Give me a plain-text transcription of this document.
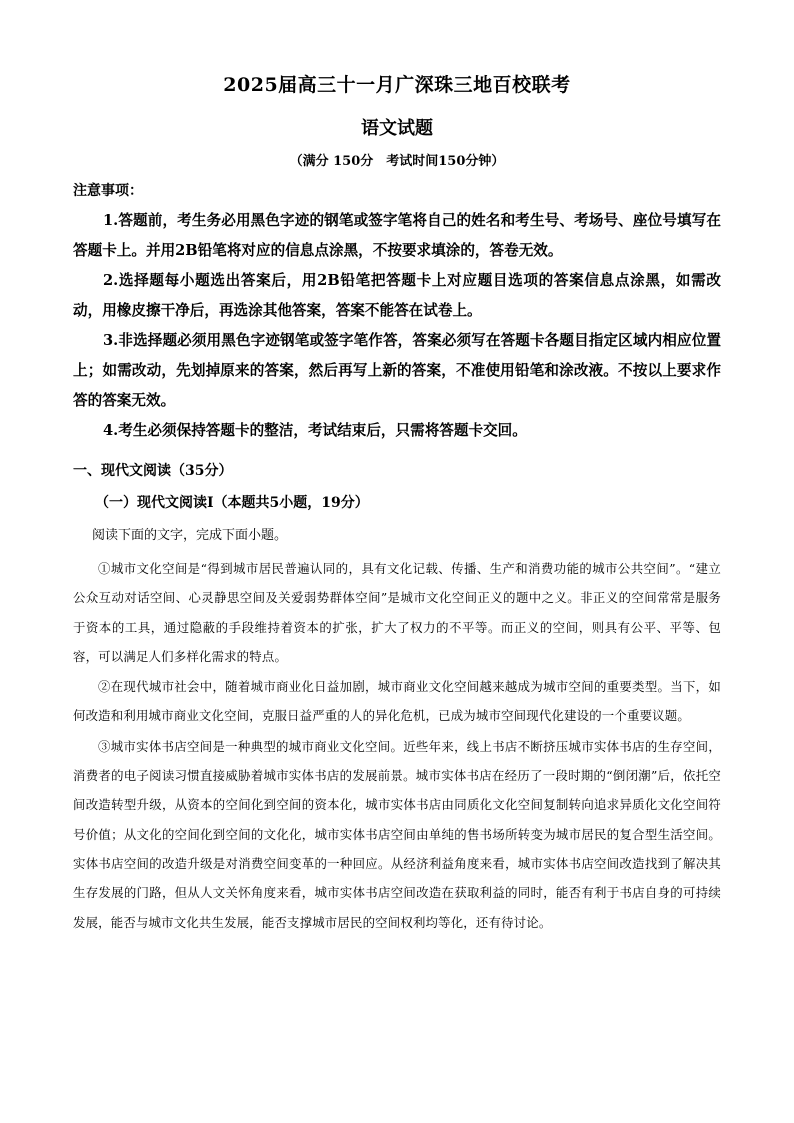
2025届高三十一月广深珠三地百校联考
语文试题
（满分 150分　考试时间150分钟）
注意事项：

1.答题前，考生务必用黑色字迹的钢笔或签字笔将自己的姓名和考生号、考场号、座位号填写在答题卡上。并用2B铅笔将对应的信息点涂黑，不按要求填涂的，答卷无效。

2.选择题每小题选出答案后，用2B铅笔把答题卡上对应题目选项的答案信息点涂黑，如需改动，用橡皮擦干净后，再选涂其他答案，答案不能答在试卷上。

3.非选择题必须用黑色字迹钢笔或签字笔作答，答案必须写在答题卡各题目指定区域内相应位置上；如需改动，先划掉原来的答案，然后再写上新的答案，不准使用铅笔和涂改液。不按以上要求作答的答案无效。

4.考生必须保持答题卡的整洁，考试结束后，只需将答题卡交回。

一、现代文阅读（35分）
（一）现代文阅读Ⅰ（本题共5小题，19分）
阅读下面的文字，完成下面小题。

①城市文化空间是“得到城市居民普遍认同的，具有文化记载、传播、生产和消费功能的城市公共空间”。“建立公众互动对话空间、心灵静思空间及关爱弱势群体空间”是城市文化空间正义的题中之义。非正义的空间常常是服务于资本的工具，通过隐蔽的手段维持着资本的扩张，扩大了权力的不平等。而正义的空间，则具有公平、平等、包容，可以满足人们多样化需求的特点。

②在现代城市社会中，随着城市商业化日益加剧，城市商业文化空间越来越成为城市空间的重要类型。当下，如何改造和利用城市商业文化空间，克服日益严重的人的异化危机，已成为城市空间现代化建设的一个重要议题。

③城市实体书店空间是一种典型的城市商业文化空间。近些年来，线上书店不断挤压城市实体书店的生存空间，消费者的电子阅读习惯直接威胁着城市实体书店的发展前景。城市实体书店在经历了一段时期的“倒闭潮”后，依托空间改造转型升级，从资本的空间化到空间的资本化，城市实体书店由同质化文化空间复制转向追求异质化文化空间符号价值；从文化的空间化到空间的文化化，城市实体书店空间由单纯的售书场所转变为城市居民的复合型生活空间。实体书店空间的改造升级是对消费空间变革的一种回应。从经济利益角度来看，城市实体书店空间改造找到了解决其生存发展的门路，但从人文关怀角度来看，城市实体书店空间改造在获取利益的同时，能否有利于书店自身的可持续发展，能否与城市文化共生发展，能否支撑城市居民的空间权利均等化，还有待讨论。
